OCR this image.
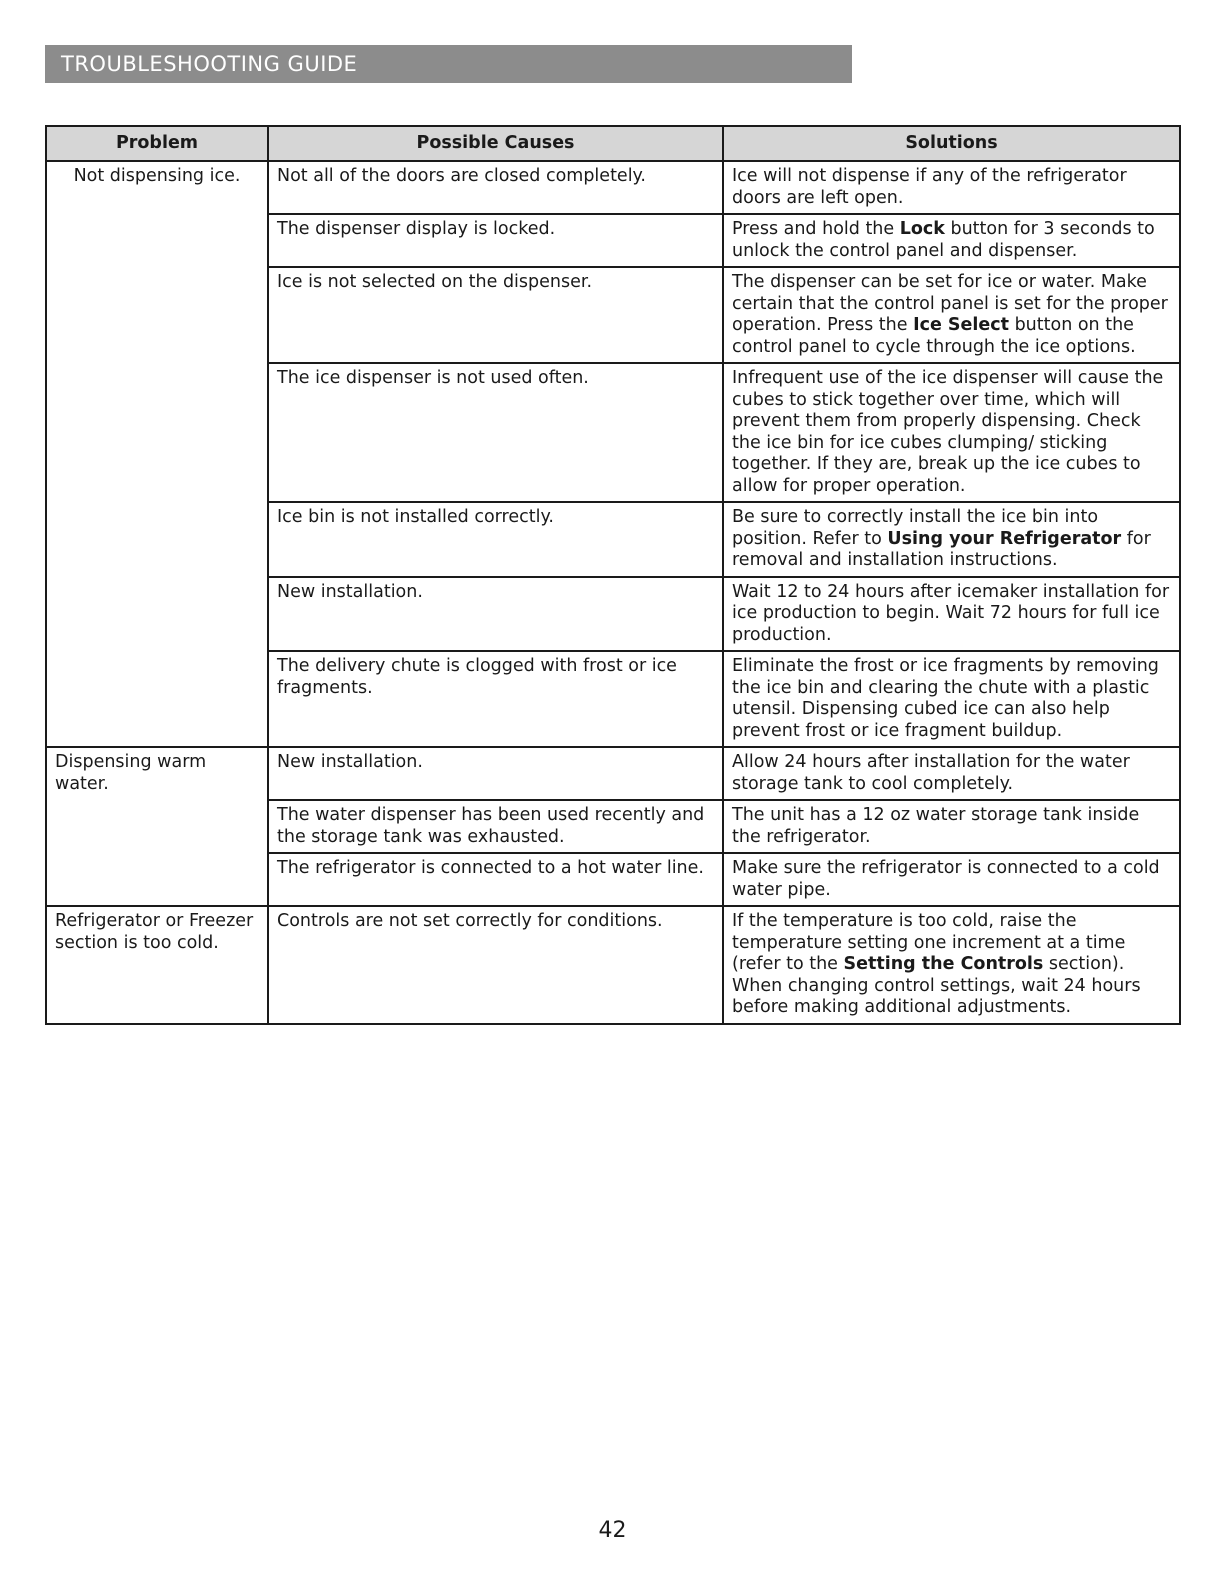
TROUBLESHOOTING GUIDE
Problem	Possible Causes	Solutions
Not dispensing ice.	Not all of the doors are closed completely.	Ice will not dispense if any of the refrigerator doors are left open.
	The dispenser display is locked.	Press and hold the Lock button for 3 seconds to unlock the control panel and dispenser.
	Ice is not selected on the dispenser.	The dispenser can be set for ice or water. Make certain that the control panel is set for the proper operation. Press the Ice Select button on the control panel to cycle through the ice options.
	The ice dispenser is not used often.	Infrequent use of the ice dispenser will cause the cubes to stick together over time, which will prevent them from properly dispensing. Check the ice bin for ice cubes clumping/ sticking together. If they are, break up the ice cubes to allow for proper operation.
	Ice bin is not installed correctly.	Be sure to correctly install the ice bin into position. Refer to Using your Refrigerator for removal and installation instructions.
	New installation.	Wait 12 to 24 hours after icemaker installation for ice production to begin. Wait 72 hours for full ice production.
	The delivery chute is clogged with frost or ice fragments.	Eliminate the frost or ice fragments by removing the ice bin and clearing the chute with a plastic utensil. Dispensing cubed ice can also help prevent frost or ice fragment buildup.
Dispensing warm water.	New installation.	Allow 24 hours after installation for the water storage tank to cool completely.
	The water dispenser has been used recently and the storage tank was exhausted.	The unit has a 12 oz water storage tank inside the refrigerator.
	The refrigerator is connected to a hot water line.	Make sure the refrigerator is connected to a cold water pipe.
Refrigerator or Freezer section is too cold.	Controls are not set correctly for conditions.	If the temperature is too cold, raise the temperature setting one increment at a time (refer to the Setting the Controls section). When changing control settings, wait 24 hours before making additional adjustments.
42
